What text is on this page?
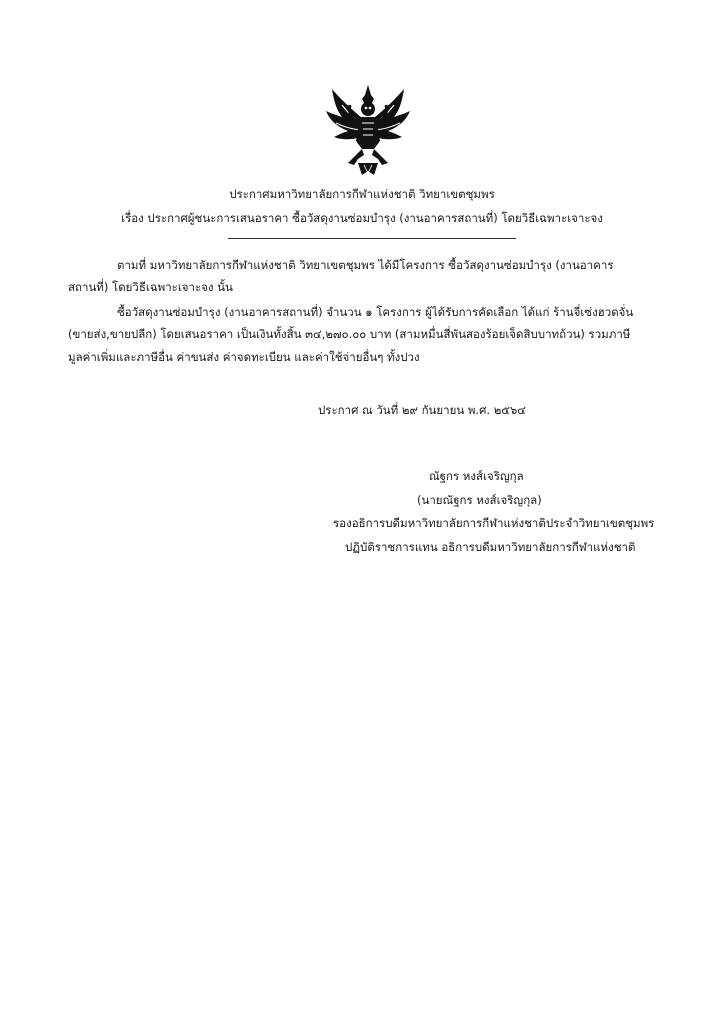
ประกาศมหาวิทยาลัยการกีฬาแห่งชาติ วิทยาเขตชุมพร
เรื่อง ประกาศผู้ชนะการเสนอราคา ซื้อวัสดุงานซ่อมบำรุง (งานอาคารสถานที่) โดยวิธีเฉพาะเจาะจง
ตามที่ มหาวิทยาลัยการกีฬาแห่งชาติ วิทยาเขตชุมพร ได้มีโครงการ ซื้อวัสดุงานซ่อมบำรุง (งานอาคาร
สถานที่) โดยวิธีเฉพาะเจาะจง นั้น
ซื้อวัสดุงานซ่อมบำรุง (งานอาคารสถานที่) จำนวน ๑ โครงการ ผู้ได้รับการคัดเลือก ได้แก่ ร้านจี่เซ่งฮวดจั่น
(ขายส่ง,ขายปลีก) โดยเสนอราคา เป็นเงินทั้งสิ้น ๓๔,๒๗๐.๐๐ บาท (สามหมื่นสี่พันสองร้อยเจ็ดสิบบาทถ้วน) รวมภาษี
มูลค่าเพิ่มและภาษีอื่น ค่าขนส่ง ค่าจดทะเบียน และค่าใช้จ่ายอื่นๆ ทั้งปวง
ประกาศ ณ วันที่ ๒๙ กันยายน พ.ศ. ๒๕๖๔
ณัฐกร หงส์เจริญกุล
(นายณัฐกร หงส์เจริญกุล)
รองอธิการบดีมหาวิทยาลัยการกีฬาแห่งชาติประจำวิทยาเขตชุมพร
ปฏิบัติราชการแทน อธิการบดีมหาวิทยาลัยการกีฬาแห่งชาติ
